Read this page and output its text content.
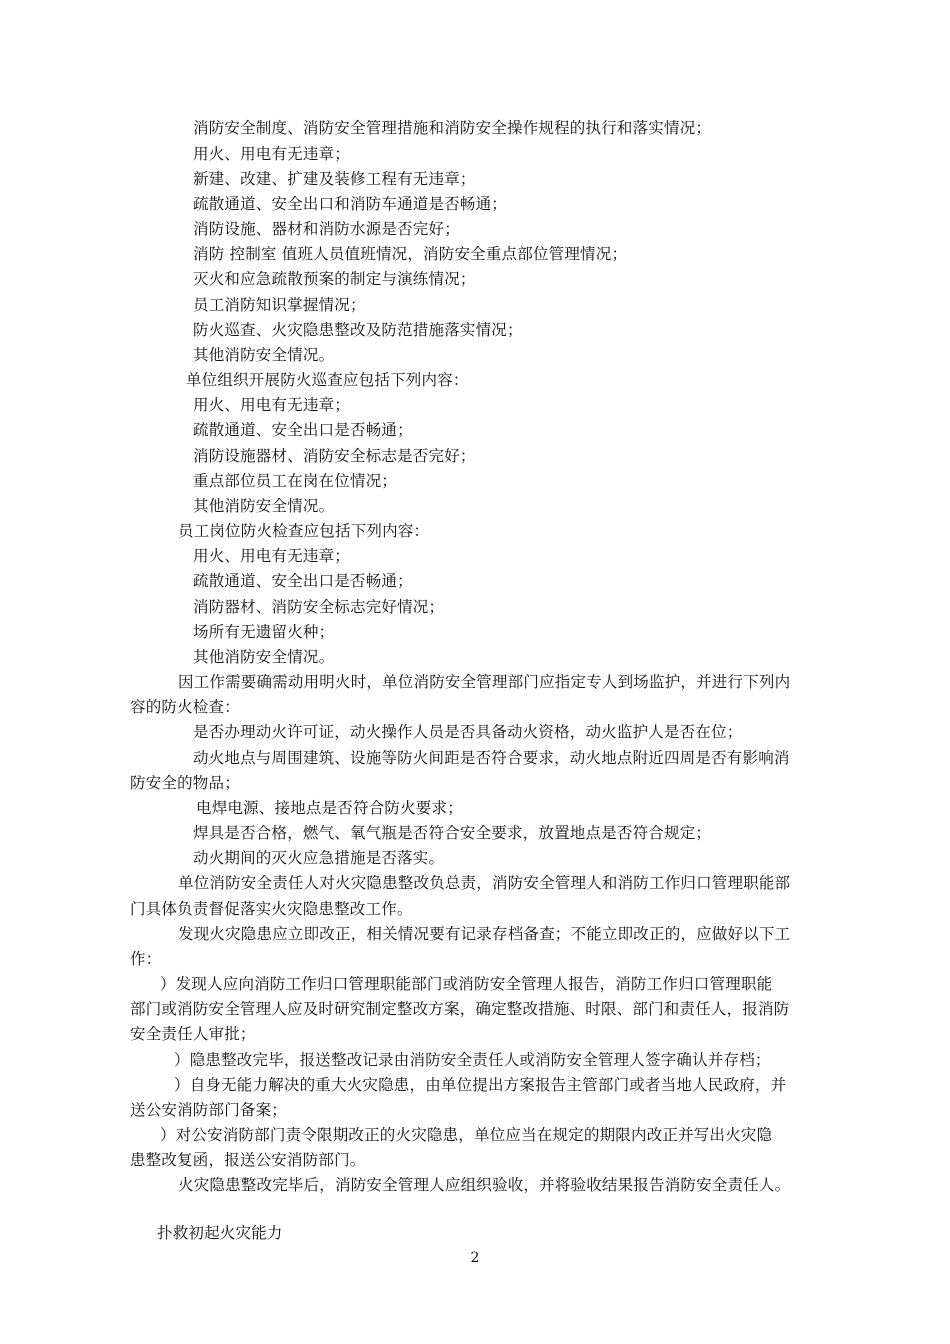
消防安全制度、消防安全管理措施和消防安全操作规程的执行和落实情况；
用火、用电有无违章；
新建、改建、扩建及装修工程有无违章；
疏散通道、安全出口和消防车通道是否畅通；
消防设施、器材和消防水源是否完好；
消防 控制室 值班人员值班情况，消防安全重点部位管理情况；
灭火和应急疏散预案的制定与演练情况；
员工消防知识掌握情况；
防火巡查、火灾隐患整改及防范措施落实情况；
其他消防安全情况。
单位组织开展防火巡查应包括下列内容：
用火、用电有无违章；
疏散通道、安全出口是否畅通；
消防设施器材、消防安全标志是否完好；
重点部位员工在岗在位情况；
其他消防安全情况。
员工岗位防火检查应包括下列内容：
用火、用电有无违章；
疏散通道、安全出口是否畅通；
消防器材、消防安全标志完好情况；
场所有无遗留火种；
其他消防安全情况。
因工作需要确需动用明火时，单位消防安全管理部门应指定专人到场监护，并进行下列内
容的防火检查：
是否办理动火许可证，动火操作人员是否具备动火资格，动火监护人是否在位；
动火地点与周围建筑、设施等防火间距是否符合要求，动火地点附近四周是否有影响消
防安全的物品；
电焊电源、接地点是否符合防火要求；
焊具是否合格，燃气、氧气瓶是否符合安全要求，放置地点是否符合规定；
动火期间的灭火应急措施是否落实。
单位消防安全责任人对火灾隐患整改负总责，消防安全管理人和消防工作归口管理职能部
门具体负责督促落实火灾隐患整改工作。
发现火灾隐患应立即改正，相关情况要有记录存档备查；不能立即改正的，应做好以下工
作：
）发现人应向消防工作归口管理职能部门或消防安全管理人报告，消防工作归口管理职能
部门或消防安全管理人应及时研究制定整改方案，确定整改措施、时限、部门和责任人，报消防
安全责任人审批；
）隐患整改完毕，报送整改记录由消防安全责任人或消防安全管理人签字确认并存档；
）自身无能力解决的重大火灾隐患，由单位提出方案报告主管部门或者当地人民政府，并
送公安消防部门备案；
）对公安消防部门责令限期改正的火灾隐患，单位应当在规定的期限内改正并写出火灾隐
患整改复函，报送公安消防部门。
火灾隐患整改完毕后，消防安全管理人应组织验收，并将验收结果报告消防安全责任人。
扑救初起火灾能力
2
